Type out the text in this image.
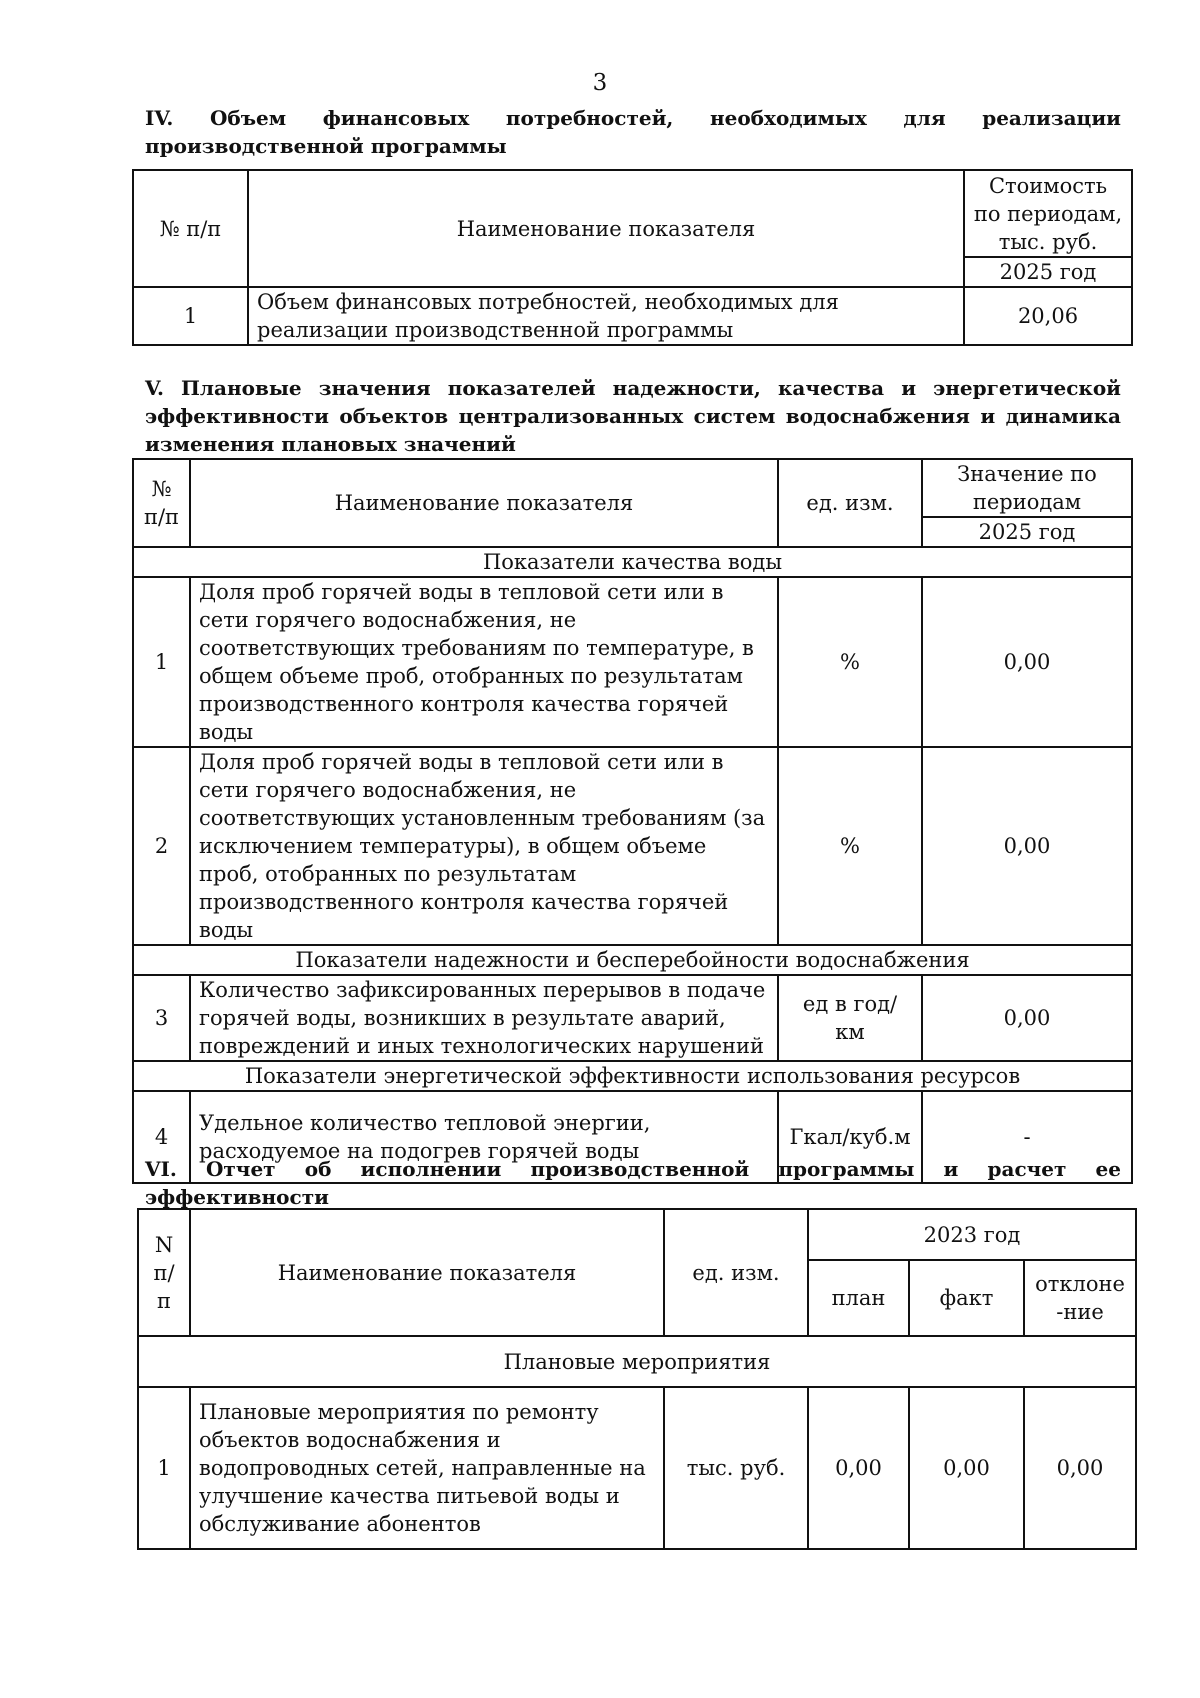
3

IV. Объем финансовых потребностей, необходимых для реализации производственной программы

№ п/п	Наименование показателя	Стоимость по периодам, тыс. руб.
		2025 год
1	Объем финансовых потребностей, необходимых для реализации производственной программы	20,06

V. Плановые значения показателей надежности, качества и энергетической эффективности объектов централизованных систем водоснабжения и динамика изменения плановых значений

№ п/п	Наименование показателя	ед. изм.	Значение по периодам
			2025 год
Показатели качества воды			
1	Доля проб горячей воды в тепловой сети или в сети горячего водоснабжения, не соответствующих требованиям по температуре, в общем объеме проб, отобранных по результатам производственного контроля качества горячей воды	%	0,00
2	Доля проб горячей воды в тепловой сети или в сети горячего водоснабжения, не соответствующих установленным требованиям (за исключением температуры), в общем объеме проб, отобранных по результатам производственного контроля качества горячей воды	%	0,00
Показатели надежности и бесперебойности водоснабжения			
3	Количество зафиксированных перерывов в подаче горячей воды, возникших в результате аварий, повреждений и иных технологических нарушений	ед в год/ км	0,00
Показатели энергетической эффективности использования ресурсов			
4	Удельное количество тепловой энергии, расходуемое на подогрев горячей воды	Гкал/куб.м	-

VI. Отчет об исполнении производственной программы и расчет ее эффективности

N п/п	Наименование показателя	ед. изм.	2023 год		
			план	факт	отклоне-ние
Плановые мероприятия					
1	Плановые мероприятия по ремонту объектов водоснабжения и водопроводных сетей, направленные на улучшение качества питьевой воды и обслуживание абонентов	тыс. руб.	0,00	0,00	0,00
